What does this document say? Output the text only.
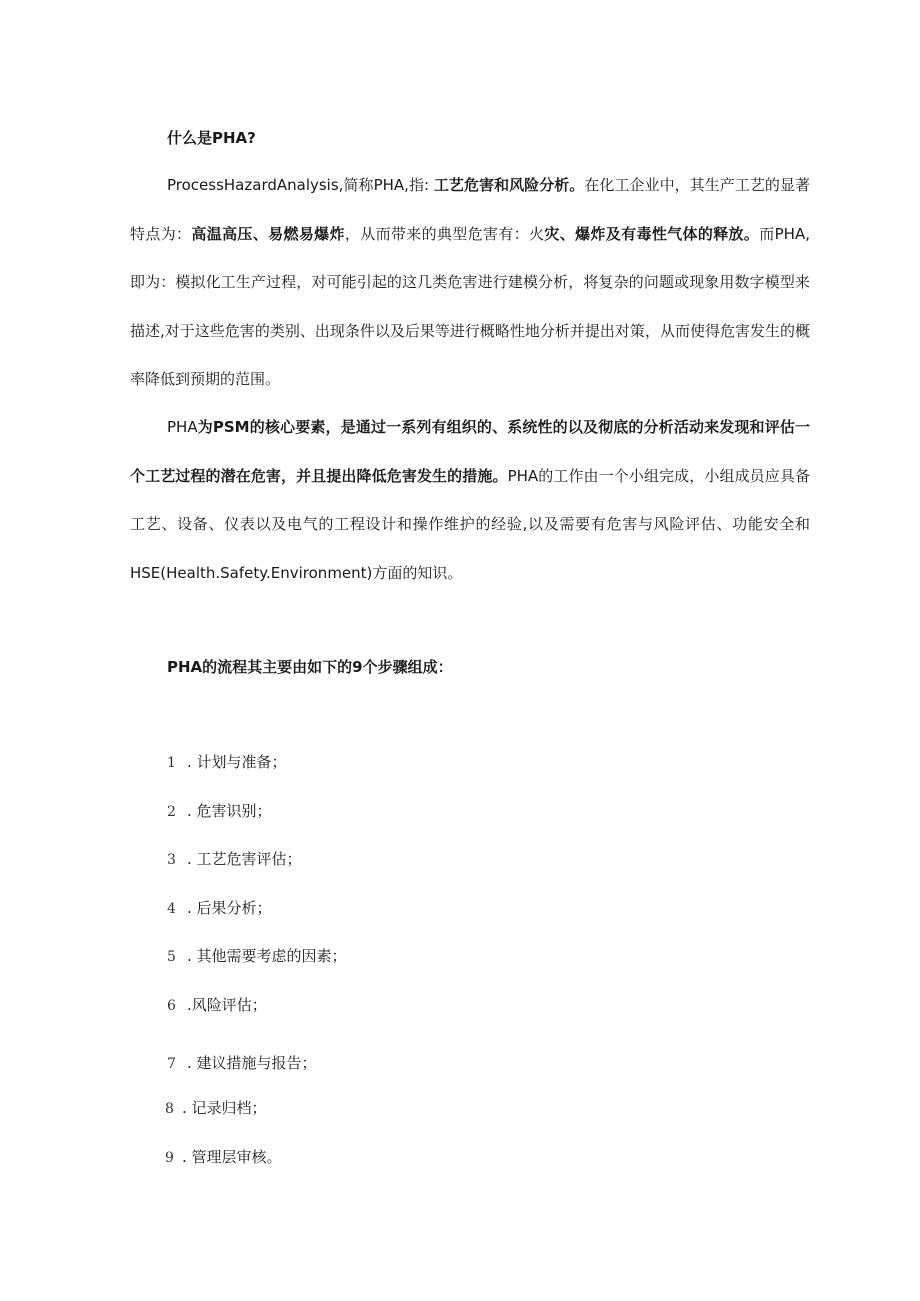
什么是PHA?

ProcessHazardAnalysis,简称PHA,指: 工艺危害和风险分析。在化工企业中，其生产工艺的显著特点为：高温高压、易燃易爆炸，从而带来的典型危害有：火灾、爆炸及有毒性气体的释放。而PHA,即为：模拟化工生产过程，对可能引起的这几类危害进行建模分析，将复杂的问题或现象用数字模型来描述,对于这些危害的类别、出现条件以及后果等进行概略性地分析并提出对策，从而使得危害发生的概率降低到预期的范围。

PHA为PSM的核心要素，是通过一系列有组织的、系统性的以及彻底的分析活动来发现和评估一个工艺过程的潜在危害，并且提出降低危害发生的措施。PHA的工作由一个小组完成，小组成员应具备工艺、设备、仪表以及电气的工程设计和操作维护的经验,以及需要有危害与风险评估、功能安全和HSE(Health.Safety.Environment)方面的知识。

PHA的流程其主要由如下的9个步骤组成：
1 . 计划与准备；
2 . 危害识别；
3 . 工艺危害评估；
4 . 后果分析；
5 . 其他需要考虑的因素；
6 .风险评估；
7 . 建议措施与报告；
8 . 记录归档；
9 . 管理层审核。
